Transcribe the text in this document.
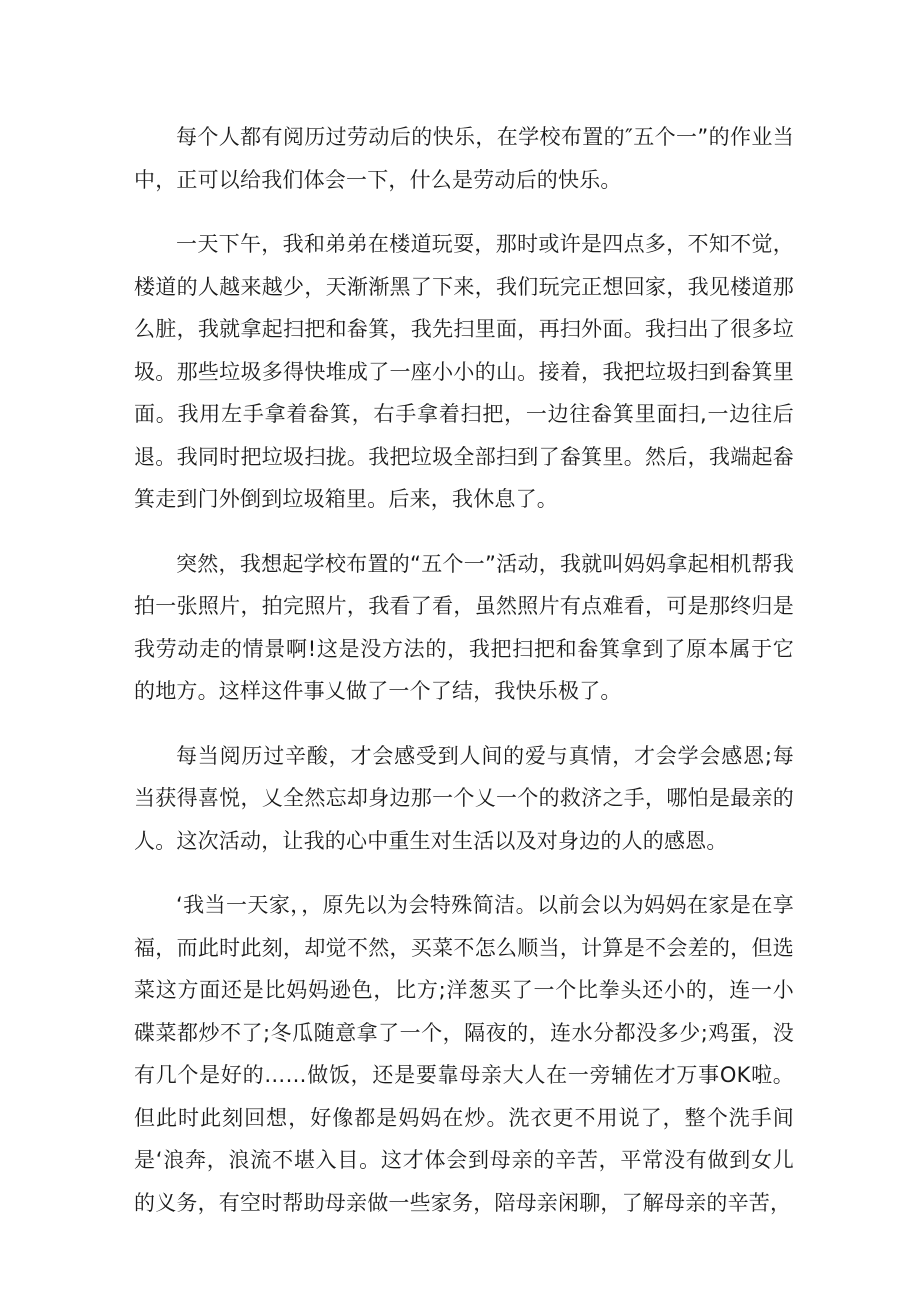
每个人都有阅历过劳动后的快乐，在学校布置的″五个一”的作业当中，正可以给我们体会一下，什么是劳动后的快乐。

一天下午，我和弟弟在楼道玩耍，那时或许是四点多，不知不觉，楼道的人越来越少，天渐渐黑了下来，我们玩完正想回家，我见楼道那么脏，我就拿起扫把和畚箕，我先扫里面，再扫外面。我扫出了很多垃圾。那些垃圾多得快堆成了一座小小的山。接着，我把垃圾扫到畚箕里面。我用左手拿着畚箕，右手拿着扫把，一边往畚箕里面扫,一边往后退。我同时把垃圾扫拢。我把垃圾全部扫到了畚箕里。然后，我端起畚箕走到门外倒到垃圾箱里。后来，我休息了。

突然，我想起学校布置的“五个一”活动，我就叫妈妈拿起相机帮我拍一张照片，拍完照片，我看了看，虽然照片有点难看，可是那终归是我劳动走的情景啊!这是没方法的，我把扫把和畚箕拿到了原本属于它的地方。这样这件事乂做了一个了结，我快乐极了。

每当阅历过辛酸，才会感受到人间的爱与真情，才会学会感恩;每当获得喜悦，乂全然忘却身边那一个乂一个的救济之手，哪怕是最亲的人。这次活动，让我的心中重生对生活以及对身边的人的感恩。

‘我当一天家，，原先以为会特殊简洁。以前会以为妈妈在家是在享福，而此时此刻，却觉不然，买菜不怎么顺当，计算是不会差的，但选菜这方面还是比妈妈逊色，比方;洋葱买了一个比拳头还小的，连一小碟菜都炒不了;冬瓜随意拿了一个，隔夜的，连水分都没多少;鸡蛋，没有几个是好的……做饭，还是要靠母亲大人在一旁辅佐才万事OK啦。但此时此刻回想，好像都是妈妈在炒。洗衣更不用说了，整个洗手间是‘浪奔，浪流不堪入目。这才体会到母亲的辛苦，平常没有做到女儿的义务，有空时帮助母亲做一些家务，陪母亲闲聊，了解母亲的辛苦，
